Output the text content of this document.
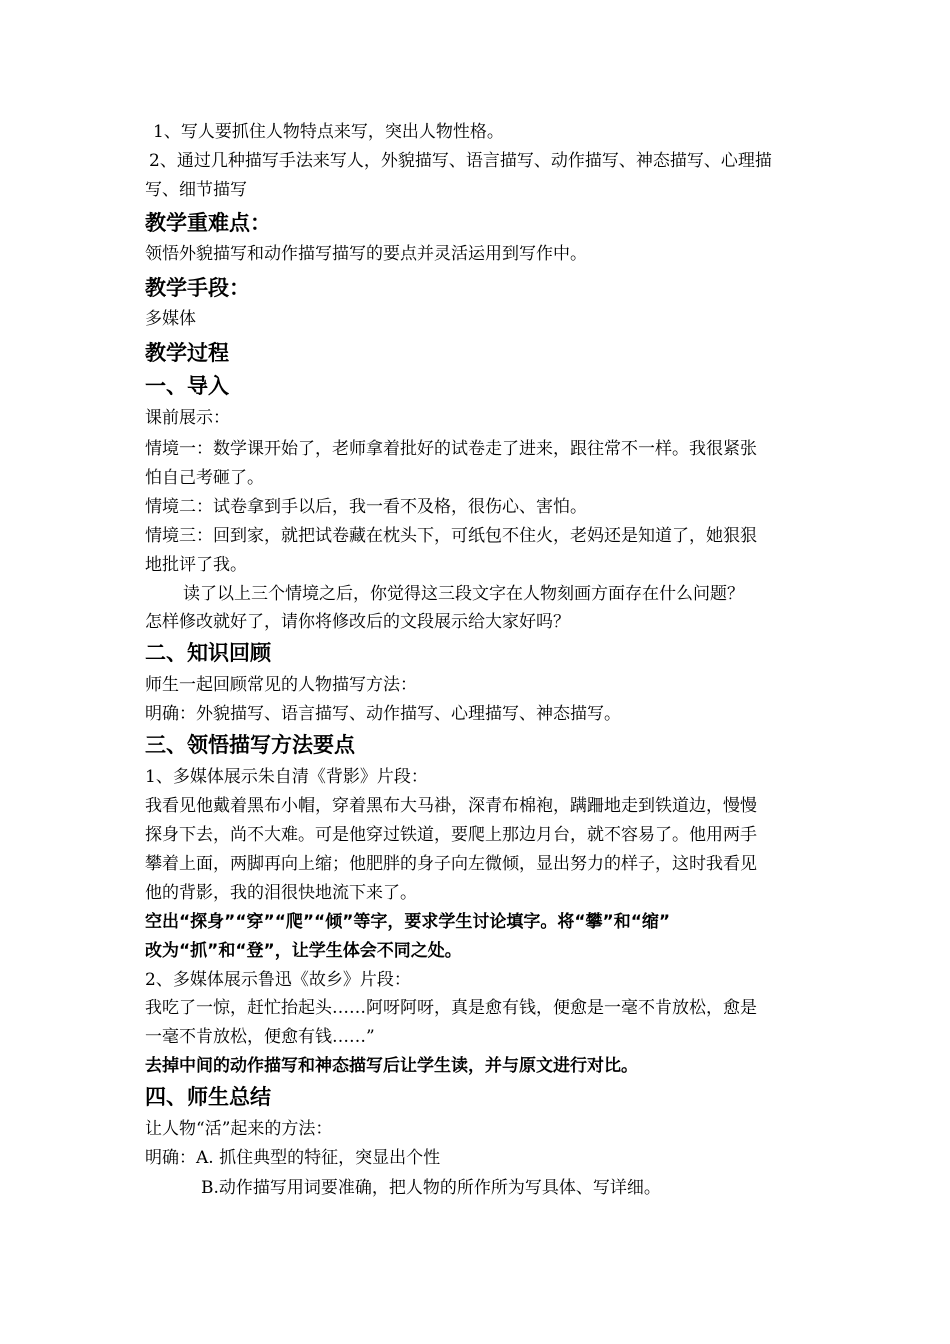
1、写人要抓住人物特点来写，突出人物性格。
2、通过几种描写手法来写人，外貌描写、语言描写、动作描写、神态描写、心理描
写、细节描写
教学重难点：
领悟外貌描写和动作描写描写的要点并灵活运用到写作中。
教学手段：
多媒体
教学过程
一、导入
课前展示：
情境一：数学课开始了，老师拿着批好的试卷走了进来，跟往常不一样。我很紧张
怕自己考砸了。
情境二：试卷拿到手以后，我一看不及格，很伤心、害怕。
情境三：回到家，就把试卷藏在枕头下，可纸包不住火，老妈还是知道了，她狠狠
地批评了我。
读了以上三个情境之后，你觉得这三段文字在人物刻画方面存在什么问题？
怎样修改就好了，请你将修改后的文段展示给大家好吗？
二、知识回顾
师生一起回顾常见的人物描写方法：
明确：外貌描写、语言描写、动作描写、心理描写、神态描写。
三、领悟描写方法要点
1、多媒体展示朱自清《背影》片段：
我看见他戴着黑布小帽，穿着黑布大马褂，深青布棉袍，蹒跚地走到铁道边，慢慢
探身下去，尚不大难。可是他穿过铁道，要爬上那边月台，就不容易了。他用两手
攀着上面，两脚再向上缩；他肥胖的身子向左微倾，显出努力的样子，这时我看见
他的背影，我的泪很快地流下来了。
空出“探身”“穿”“爬”“倾”等字，要求学生讨论填字。将“攀”和“缩”
改为“抓”和“登”，让学生体会不同之处。
2、多媒体展示鲁迅《故乡》片段：
我吃了一惊，赶忙抬起头……阿呀阿呀，真是愈有钱，便愈是一毫不肯放松，愈是
一毫不肯放松，便愈有钱……”
去掉中间的动作描写和神态描写后让学生读，并与原文进行对比。
四、师生总结
让人物“活”起来的方法：
明确：A. 抓住典型的特征，突显出个性
B.动作描写用词要准确，把人物的所作所为写具体、写详细。
